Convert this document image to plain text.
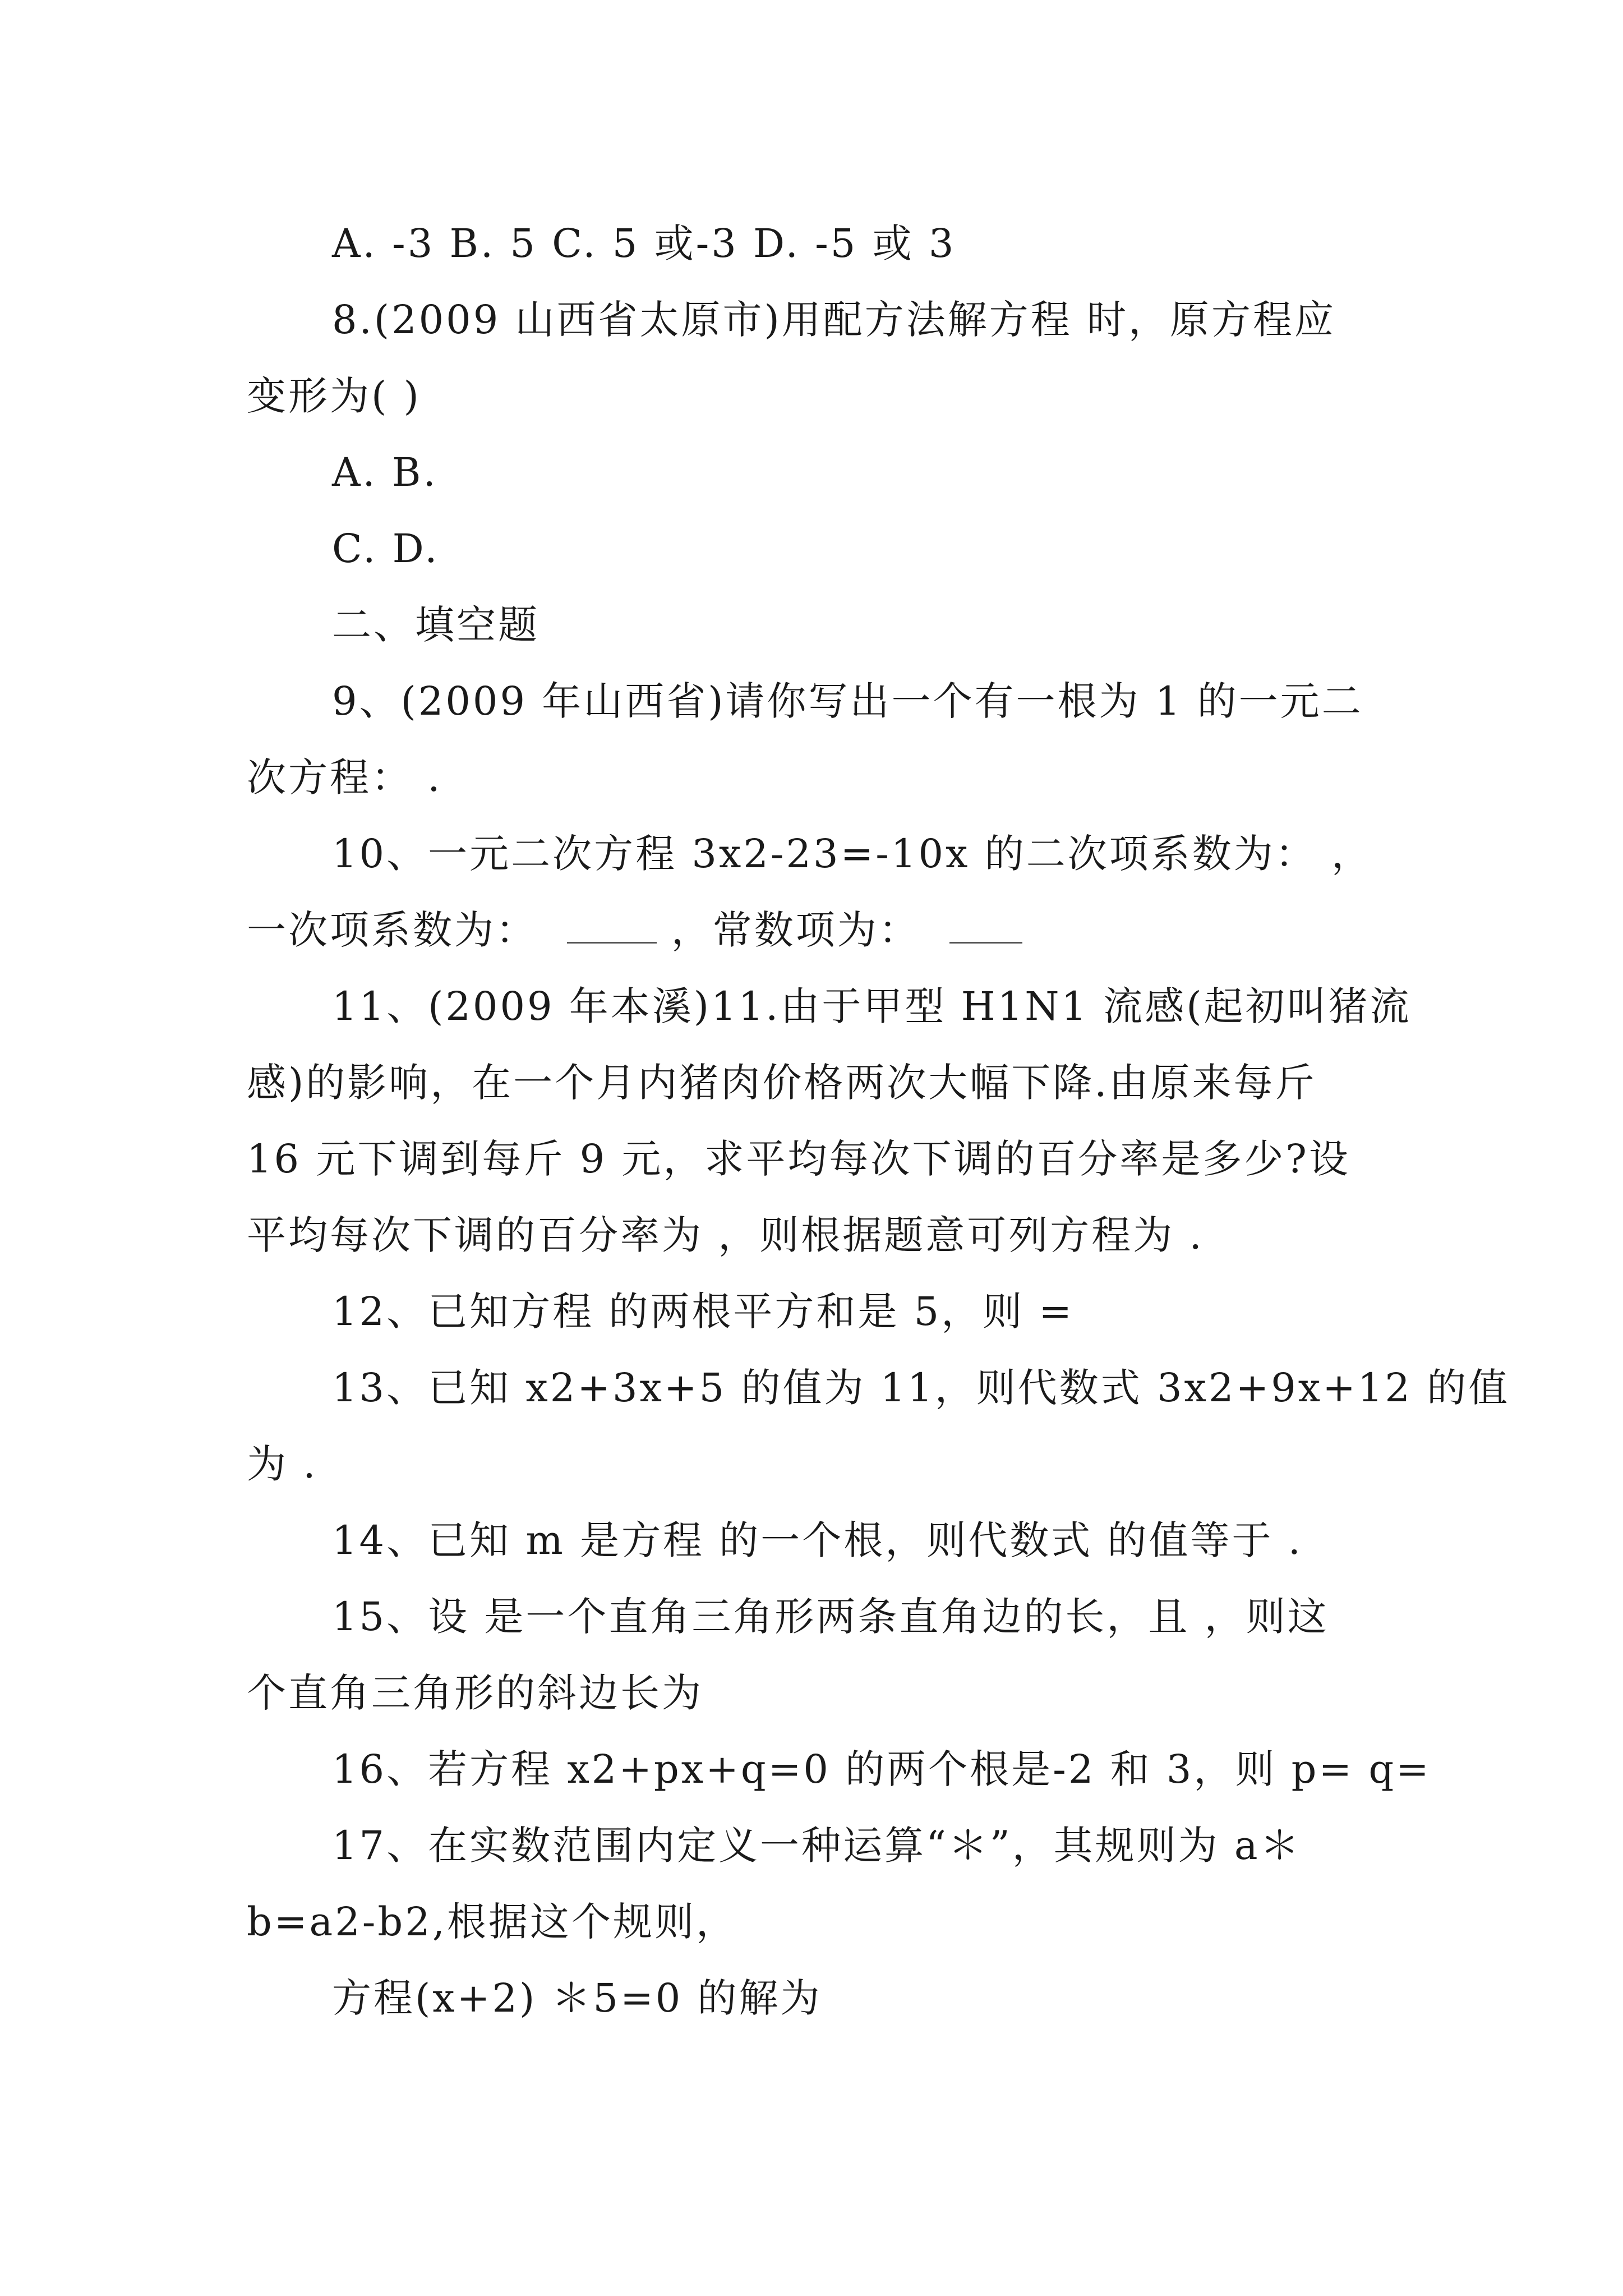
A. -3 B. 5 C. 5 或-3 D. -5 或 3
8.(2009 山西省太原市)用配方法解方程 时，原方程应
变形为( )
A. B.
C. D.
二、填空题
9、(2009 年山西省)请你写出一个有一根为 1 的一元二
次方程： .
10、一元二次方程 3x2-23=-10x 的二次项系数为： ，
一次项系数为：	，常数项为：
11、(2009 年本溪)11.由于甲型 H1N1 流感(起初叫猪流
感)的影响，在一个月内猪肉价格两次大幅下降.由原来每斤
16 元下调到每斤 9 元，求平均每次下调的百分率是多少?设
平均每次下调的百分率为 ，则根据题意可列方程为 .
12、已知方程 的两根平方和是 5，则 =
13、已知 x2+3x+5 的值为 11，则代数式 3x2+9x+12 的值
为 .
14、已知 m 是方程 的一个根，则代数式 的值等于 .
15、设 是一个直角三角形两条直角边的长，且 ，则这
个直角三角形的斜边长为
16、若方程 x2+px+q=0 的两个根是-2 和 3，则 p= q=
17、在实数范围内定义一种运算“＊”，其规则为 a＊
b=a2-b2,根据这个规则，
方程(x+2) ＊5=0 的解为
